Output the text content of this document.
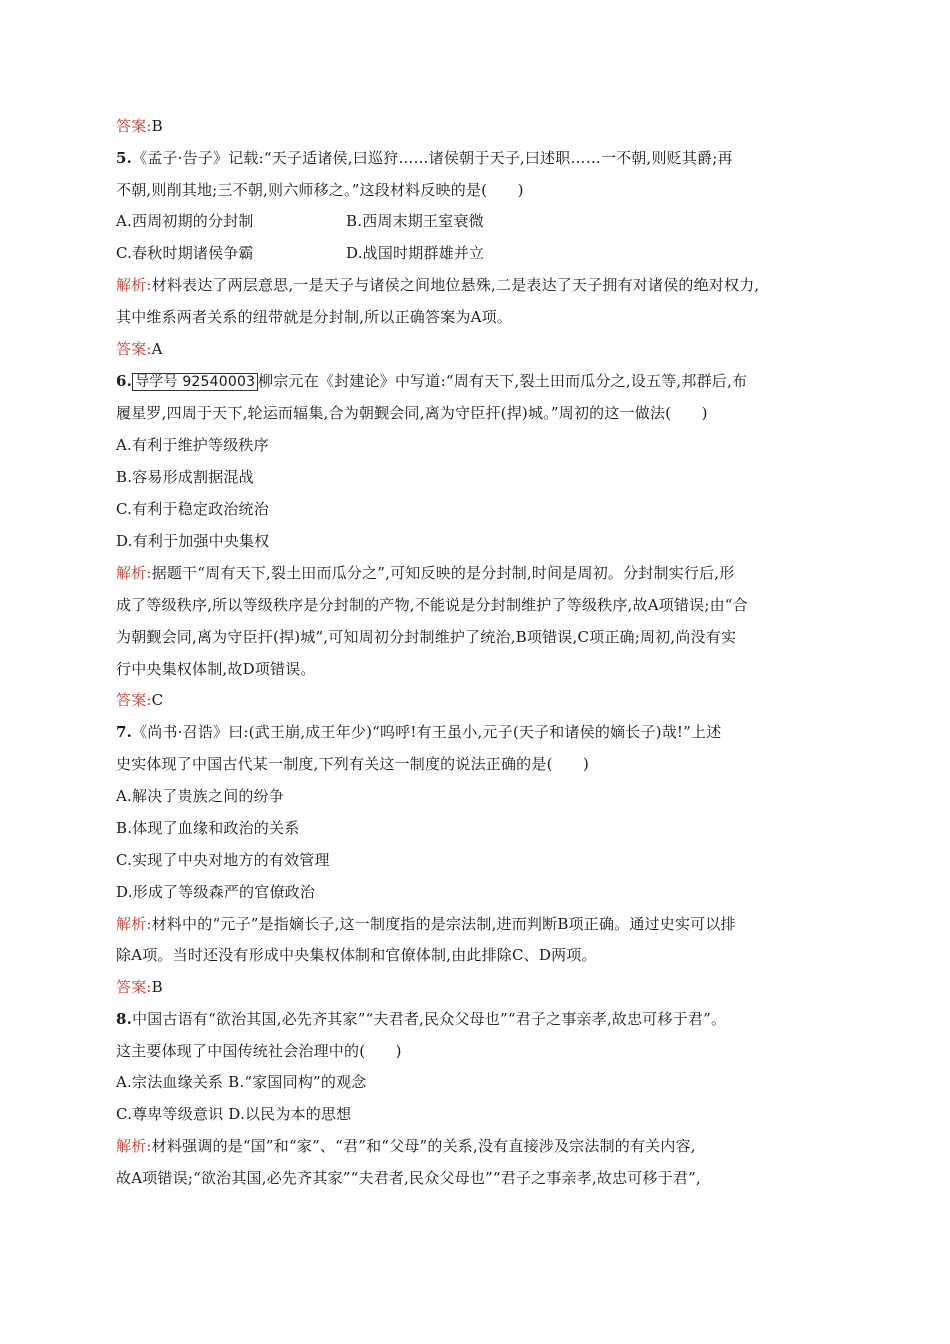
答案:B
5.《孟子·告子》记载:“天子适诸侯,曰巡狩……诸侯朝于天子,曰述职……一不朝,则贬其爵;再
不朝,则削其地;三不朝,则六师移之。”这段材料反映的是(　　)
A.西周初期的分封制	B.西周末期王室衰微
C.春秋时期诸侯争霸	D.战国时期群雄并立
解析:材料表达了两层意思,一是天子与诸侯之间地位悬殊,二是表达了天子拥有对诸侯的绝对权力,
其中维系两者关系的纽带就是分封制,所以正确答案为A项。
答案:A
6. 导学号 92540003 柳宗元在《封建论》中写道:“周有天下,裂土田而瓜分之,设五等,邦群后,布
履星罗,四周于天下,轮运而辐集,合为朝觐会同,离为守臣扞(捍)城。”周初的这一做法(　　)
A.有利于维护等级秩序
B.容易形成割据混战
C.有利于稳定政治统治
D.有利于加强中央集权
解析:据题干“周有天下,裂土田而瓜分之”,可知反映的是分封制,时间是周初。分封制实行后,形
成了等级秩序,所以等级秩序是分封制的产物,不能说是分封制维护了等级秩序,故A项错误;由“合
为朝觐会同,离为守臣扞(捍)城”,可知周初分封制维护了统治,B项错误,C项正确;周初,尚没有实
行中央集权体制,故D项错误。
答案:C
7.《尚书·召诰》曰:(武王崩,成王年少)“呜呼!有王虽小,元子(天子和诸侯的嫡长子)哉!”上述
史实体现了中国古代某一制度,下列有关这一制度的说法正确的是(　　)
A.解决了贵族之间的纷争
B.体现了血缘和政治的关系
C.实现了中央对地方的有效管理
D.形成了等级森严的官僚政治
解析:材料中的“元子”是指嫡长子,这一制度指的是宗法制,进而判断B项正确。通过史实可以排
除A项。当时还没有形成中央集权体制和官僚体制,由此排除C、D两项。
答案:B
8.中国古语有“欲治其国,必先齐其家”“夫君者,民众父母也”“君子之事亲孝,故忠可移于君”。
这主要体现了中国传统社会治理中的(　　)
A.宗法血缘关系 B.“家国同构”的观念
C.尊卑等级意识 D.以民为本的思想
解析:材料强调的是“国”和“家”、“君”和“父母”的关系,没有直接涉及宗法制的有关内容,
故A项错误;“欲治其国,必先齐其家”“夫君者,民众父母也”“君子之事亲孝,故忠可移于君”,
